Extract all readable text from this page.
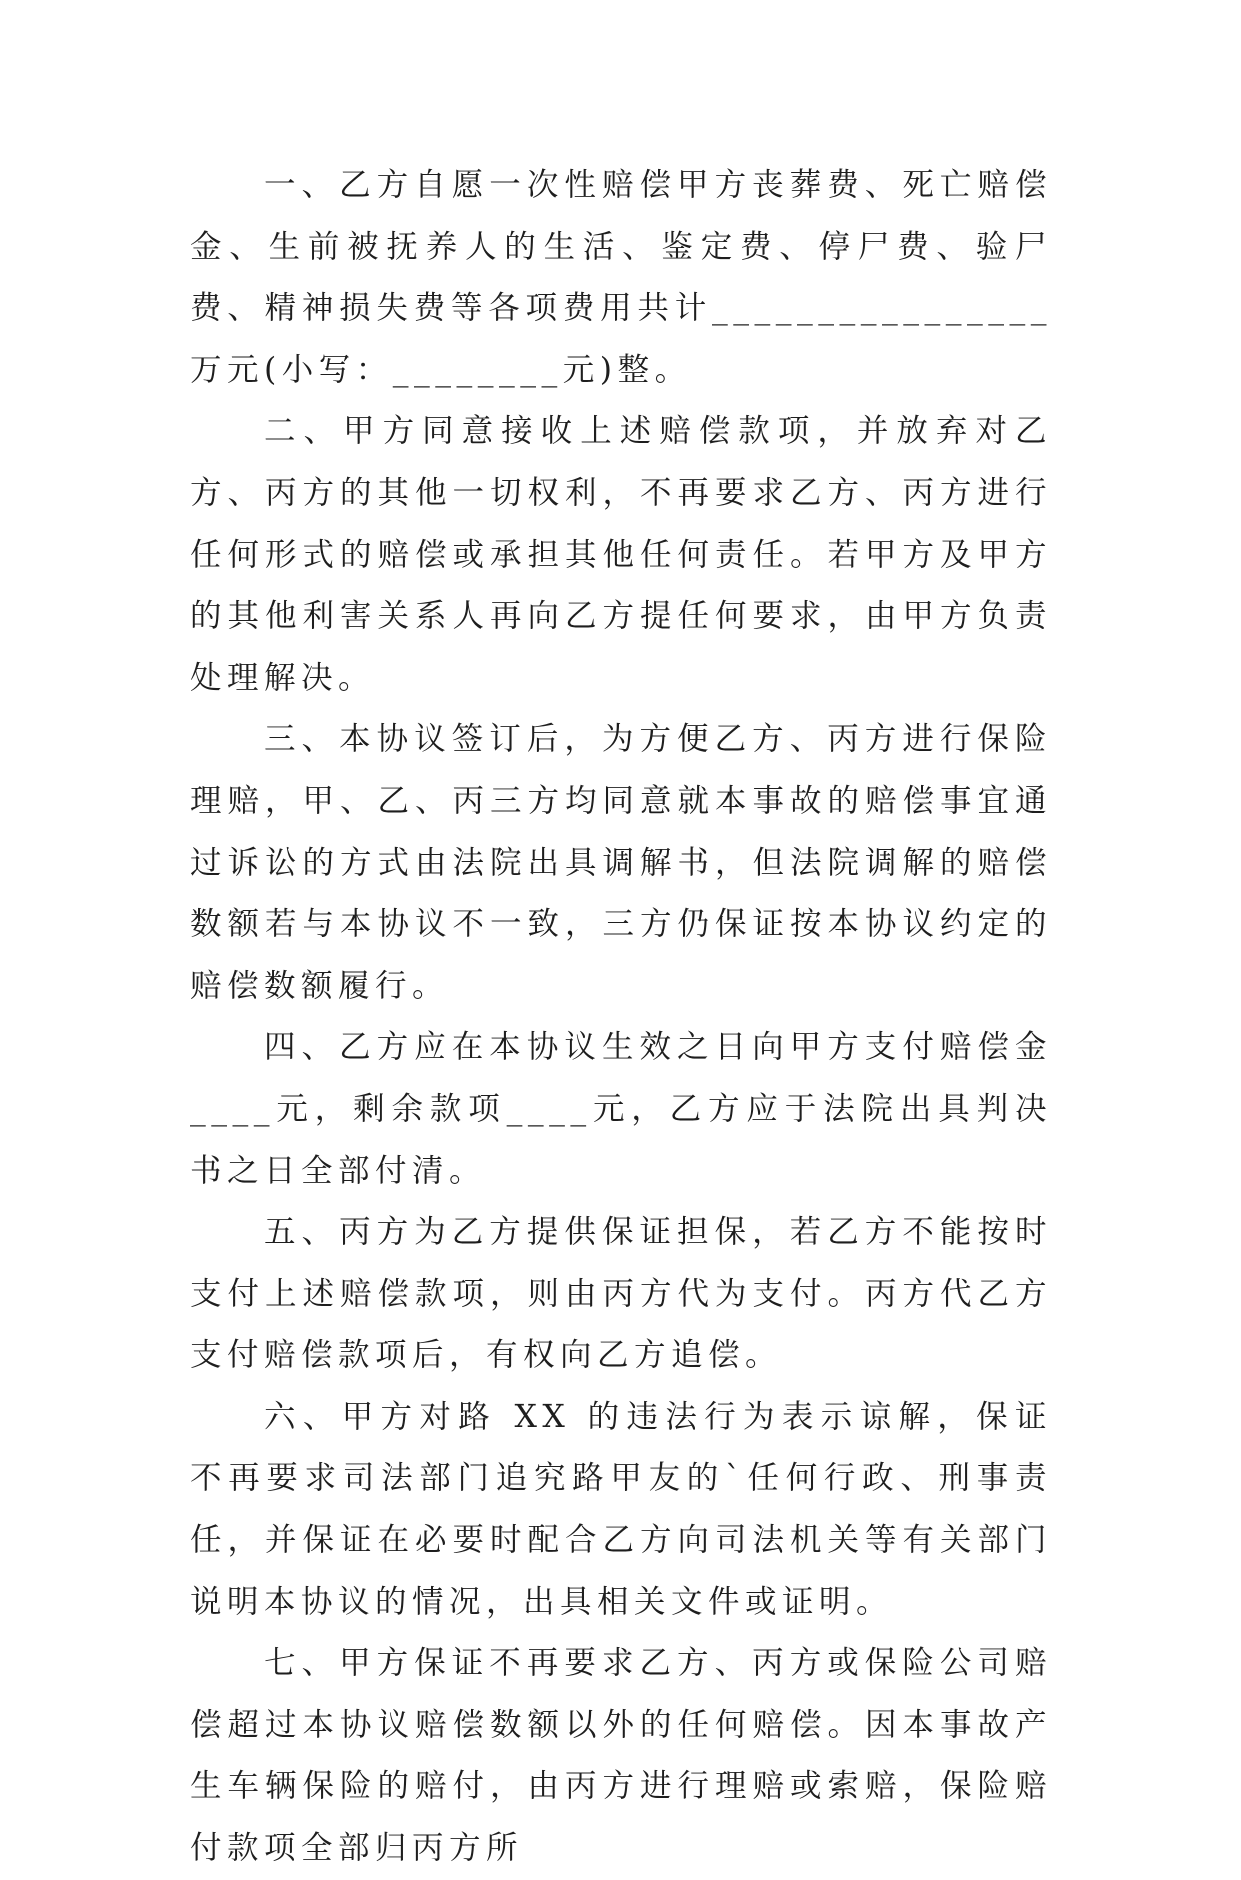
一、乙方自愿一次性赔偿甲方丧葬费、死亡赔偿金、生前被抚养人的生活、鉴定费、停尸费、验尸费、精神损失费等各项费用共计________________万元(小写：________元)整。

二、甲方同意接收上述赔偿款项，并放弃对乙方、丙方的其他一切权利，不再要求乙方、丙方进行任何形式的赔偿或承担其他任何责任。若甲方及甲方的其他利害关系人再向乙方提任何要求，由甲方负责处理解决。

三、本协议签订后，为方便乙方、丙方进行保险理赔，甲、乙、丙三方均同意就本事故的赔偿事宜通过诉讼的方式由法院出具调解书，但法院调解的赔偿数额若与本协议不一致，三方仍保证按本协议约定的赔偿数额履行。

四、乙方应在本协议生效之日向甲方支付赔偿金____元，剩余款项____元，乙方应于法院出具判决书之日全部付清。

五、丙方为乙方提供保证担保，若乙方不能按时支付上述赔偿款项，则由丙方代为支付。丙方代乙方支付赔偿款项后，有权向乙方追偿。

六、甲方对路 XX 的违法行为表示谅解，保证不再要求司法部门追究路甲友的`任何行政、刑事责任，并保证在必要时配合乙方向司法机关等有关部门说明本协议的情况，出具相关文件或证明。

七、甲方保证不再要求乙方、丙方或保险公司赔偿超过本协议赔偿数额以外的任何赔偿。因本事故产生车辆保险的赔付，由丙方进行理赔或索赔，保险赔付款项全部归丙方所
